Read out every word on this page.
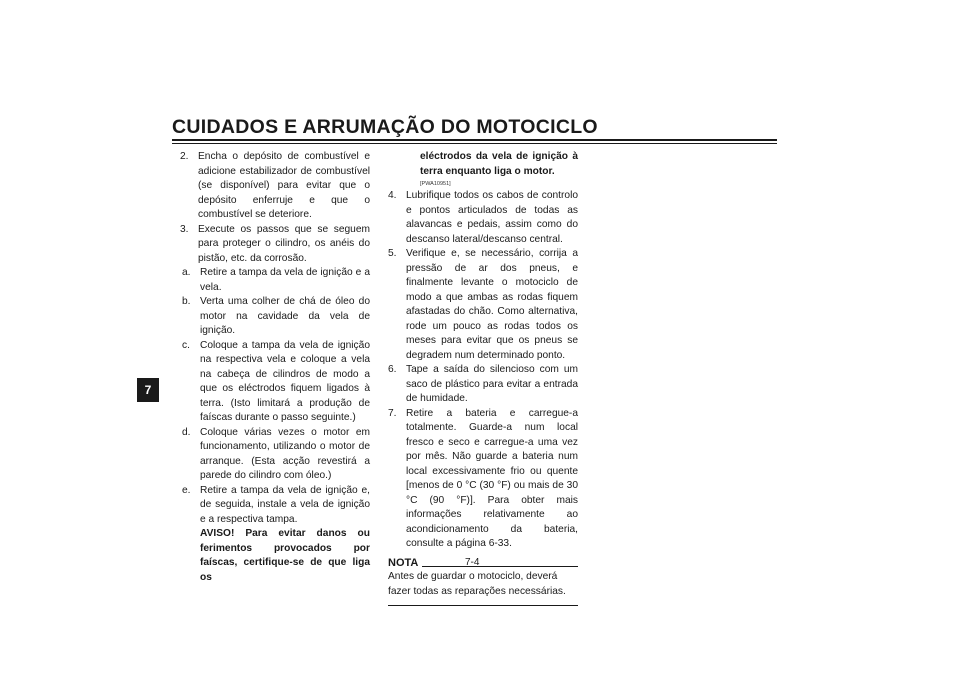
CUIDADOS E ARRUMAÇÃO DO MOTOCICLO
7
2. Encha o depósito de combustível e adicione estabilizador de combustível (se disponível) para evitar que o depósito enferruje e que o combustível se deteriore.
3. Execute os passos que se seguem para proteger o cilindro, os anéis do pistão, etc. da corrosão.
a. Retire a tampa da vela de ignição e a vela.
b. Verta uma colher de chá de óleo do motor na cavidade da vela de ignição.
c. Coloque a tampa da vela de ignição na respectiva vela e coloque a vela na cabeça de cilindros de modo a que os eléctrodos fiquem ligados à terra. (Isto limitará a produção de faíscas durante o passo seguinte.)
d. Coloque várias vezes o motor em funcionamento, utilizando o motor de arranque. (Esta acção revestirá a parede do cilindro com óleo.)
e. Retire a tampa da vela de ignição e, de seguida, instale a vela de ignição e a respectiva tampa.
AVISO! Para evitar danos ou ferimentos provocados por faíscas, certifique-se de que liga os
eléctrodos da vela de ignição à terra enquanto liga o motor.
[PWA10951]
4. Lubrifique todos os cabos de controlo e pontos articulados de todas as alavancas e pedais, assim como do descanso lateral/descanso central.
5. Verifique e, se necessário, corrija a pressão de ar dos pneus, e finalmente levante o motociclo de modo a que ambas as rodas fiquem afastadas do chão. Como alternativa, rode um pouco as rodas todos os meses para evitar que os pneus se degradem num determinado ponto.
6. Tape a saída do silencioso com um saco de plástico para evitar a entrada de humidade.
7. Retire a bateria e carregue-a totalmente. Guarde-a num local fresco e seco e carregue-a uma vez por mês. Não guarde a bateria num local excessivamente frio ou quente [menos de 0 °C (30 °F) ou mais de 30 °C (90 °F)]. Para obter mais informações relativamente ao acondicionamento da bateria, consulte a página 6-33.
NOTA
Antes de guardar o motociclo, deverá fazer todas as reparações necessárias.
7-4
